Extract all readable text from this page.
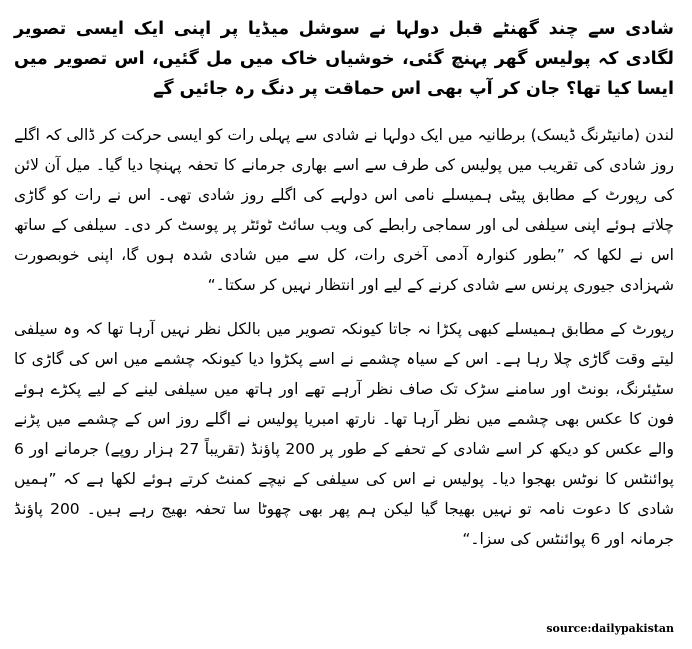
شادی سے چند گھنٹے قبل دولہا نے سوشل میڈیا پر اپنی ایک ایسی تصویر لگادی کہ پولیس گھر پہنچ گئی، خوشیاں خاک میں مل گئیں، اس تصویر میں ایسا کیا تھا؟ جان کر آپ بھی اس حماقت پر دنگ رہ جائیں گے

لندن (مانیٹرنگ ڈیسک) برطانیہ میں ایک دولہا نے شادی سے پہلی رات کو ایسی حرکت کر ڈالی کہ اگلے روز شادی کی تقریب میں پولیس کی طرف سے اسے بھاری جرمانے کا تحفہ پہنچا دیا گیا۔ میل آن لائن کی رپورٹ کے مطابق پیٹی ہمیسلے نامی اس دولہے کی اگلے روز شادی تھی۔ اس نے رات کو گاڑی چلاتے ہوئے اپنی سیلفی لی اور سماجی رابطے کی ویب سائٹ ٹوئٹر پر پوسٹ کر دی۔ سیلفی کے ساتھ اس نے لکھا کہ ”بطور کنوارہ آدمی آخری رات، کل سے میں شادی شدہ ہوں گا، اپنی خوبصورت شہزادی جیوری پرنس سے شادی کرنے کے لیے اور انتظار نہیں کر سکتا۔“

رپورٹ کے مطابق ہمیسلے کبھی پکڑا نہ جاتا کیونکہ تصویر میں بالکل نظر نہیں آرہا تھا کہ وہ سیلفی لیتے وقت گاڑی چلا رہا ہے۔ اس کے سیاہ چشمے نے اسے پکڑوا دیا کیونکہ چشمے میں اس کی گاڑی کا سٹیئرنگ، بونٹ اور سامنے سڑک تک صاف نظر آرہے تھے اور ہاتھ میں سیلفی لینے کے لیے پکڑے ہوئے فون کا عکس بھی چشمے میں نظر آرہا تھا۔ نارتھ امبریا پولیس نے اگلے روز اس کے چشمے میں پڑنے والے عکس کو دیکھ کر اسے شادی کے تحفے کے طور پر 200 پاؤنڈ (تقریباً 27 ہزار روپے) جرمانے اور 6 پوائنٹس کا نوٹس بھجوا دیا۔ پولیس نے اس کی سیلفی کے نیچے کمنٹ کرتے ہوئے لکھا ہے کہ ”ہمیں شادی کا دعوت نامہ تو نہیں بھیجا گیا لیکن ہم پھر بھی چھوٹا سا تحفہ بھیج رہے ہیں۔ 200 پاؤنڈ جرمانہ اور 6 پوائنٹس کی سزا۔“

source:dailypakistan
